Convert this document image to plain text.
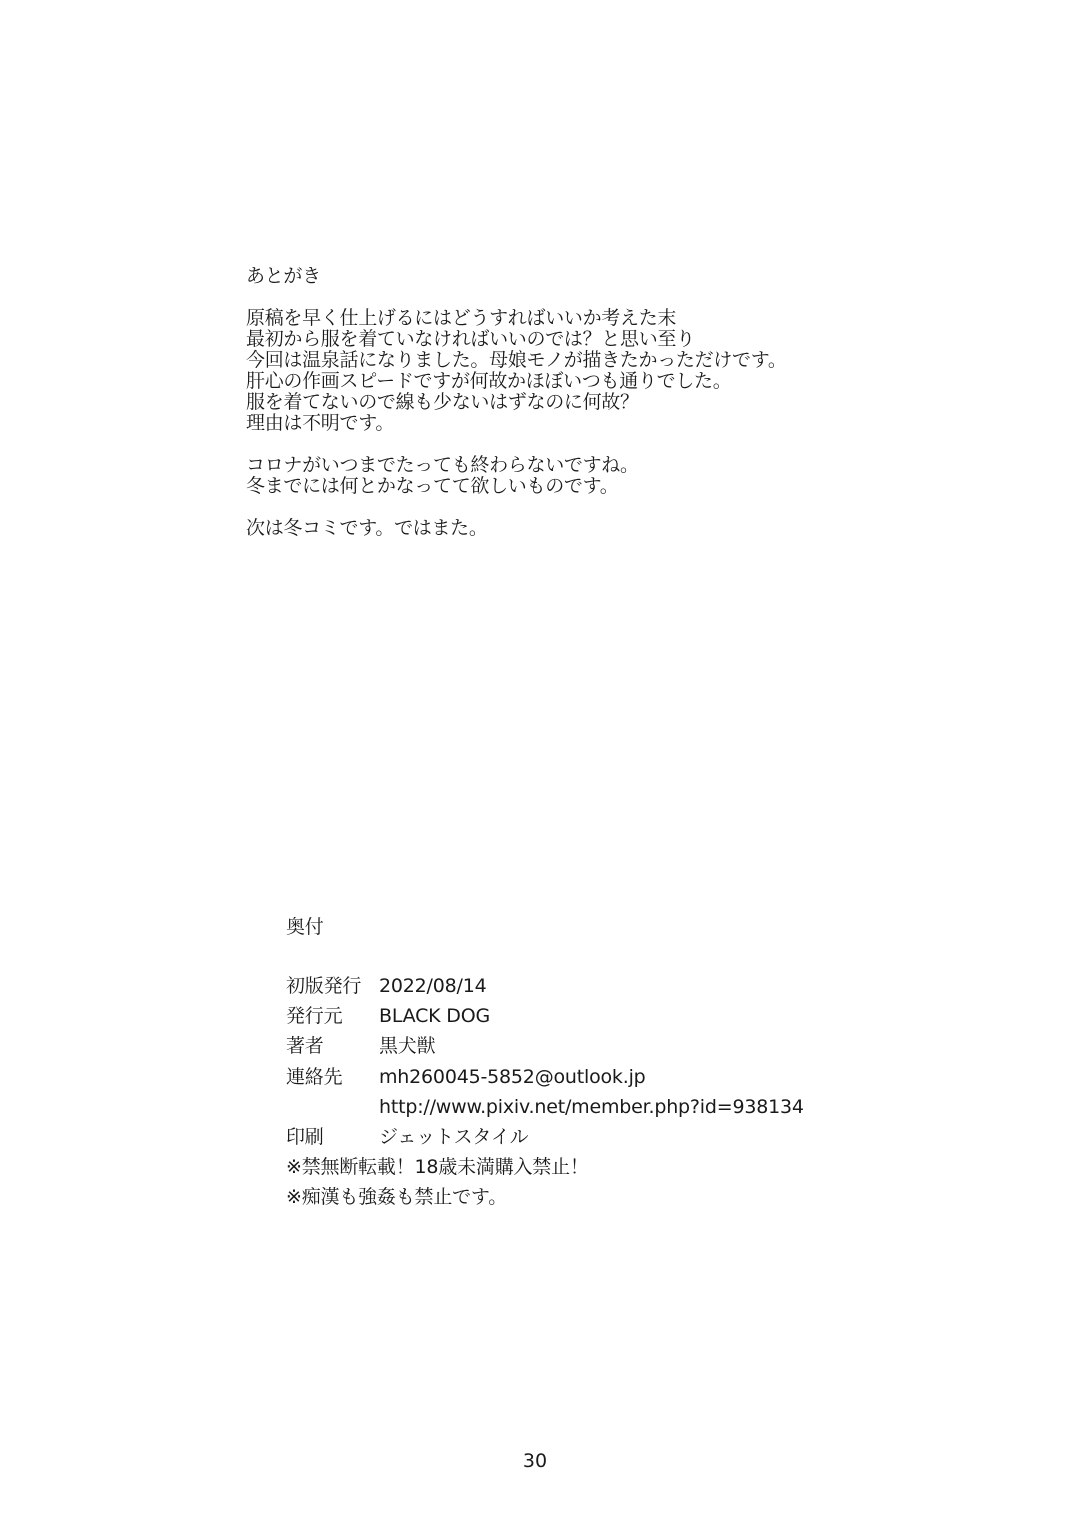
あとがき
原稿を早く仕上げるにはどうすればいいか考えた末
最初から服を着ていなければいいのでは？と思い至り
今回は温泉話になりました。母娘モノが描きたかっただけです。
肝心の作画スピードですが何故かほぼいつも通りでした。
服を着てないので線も少ないはずなのに何故？
理由は不明です。
コロナがいつまでたっても終わらないですね。
冬までには何とかなってて欲しいものです。
次は冬コミです。ではまた。
奥付
初版発行 2022/08/14
発行元	BLACK DOG
著者	黒犬獣
連絡先	mh260045-5852@outlook.jp
http://www.pixiv.net/member.php?id=938134
印刷	ジェットスタイル
※禁無断転載！18歳未満購入禁止！
※痴漢も強姦も禁止です。
30
